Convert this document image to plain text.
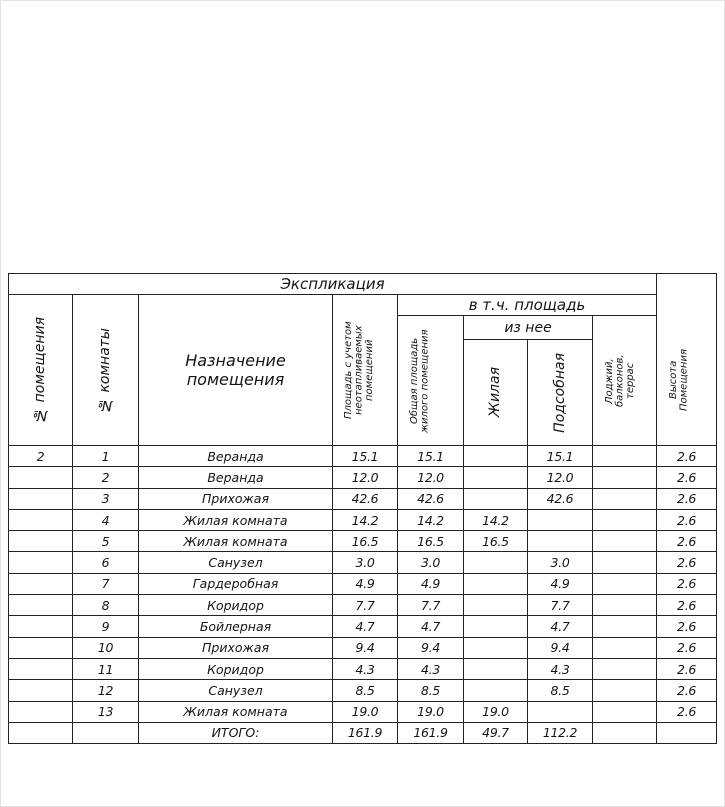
Экспликация								

№ помещения	№ комнаты	Назначение помещения	Площадь с учетом неотапливаемых помещений	в т.ч. площадь				

				Общая площадь жилого помещения	из нее		Лоджий, балконов, террас	Высота Помещения

					Жилая	Подсобная		

2	1	Веранда	15.1	15.1		15.1		2.6
	2	Веранда	12.0	12.0		12.0		2.6
	3	Прихожая	42.6	42.6		42.6		2.6
	4	Жилая комната	14.2	14.2	14.2			2.6
	5	Жилая комната	16.5	16.5	16.5			2.6
	6	Санузел	3.0	3.0		3.0		2.6
	7	Гардеробная	4.9	4.9		4.9		2.6
	8	Коридор	7.7	7.7		7.7		2.6
	9	Бойлерная	4.7	4.7		4.7		2.6
	10	Прихожая	9.4	9.4		9.4		2.6
	11	Коридор	4.3	4.3		4.3		2.6
	12	Санузел	8.5	8.5		8.5		2.6
	13	Жилая комната	19.0	19.0	19.0			2.6
		ИТОГО:	161.9	161.9	49.7	112.2		
